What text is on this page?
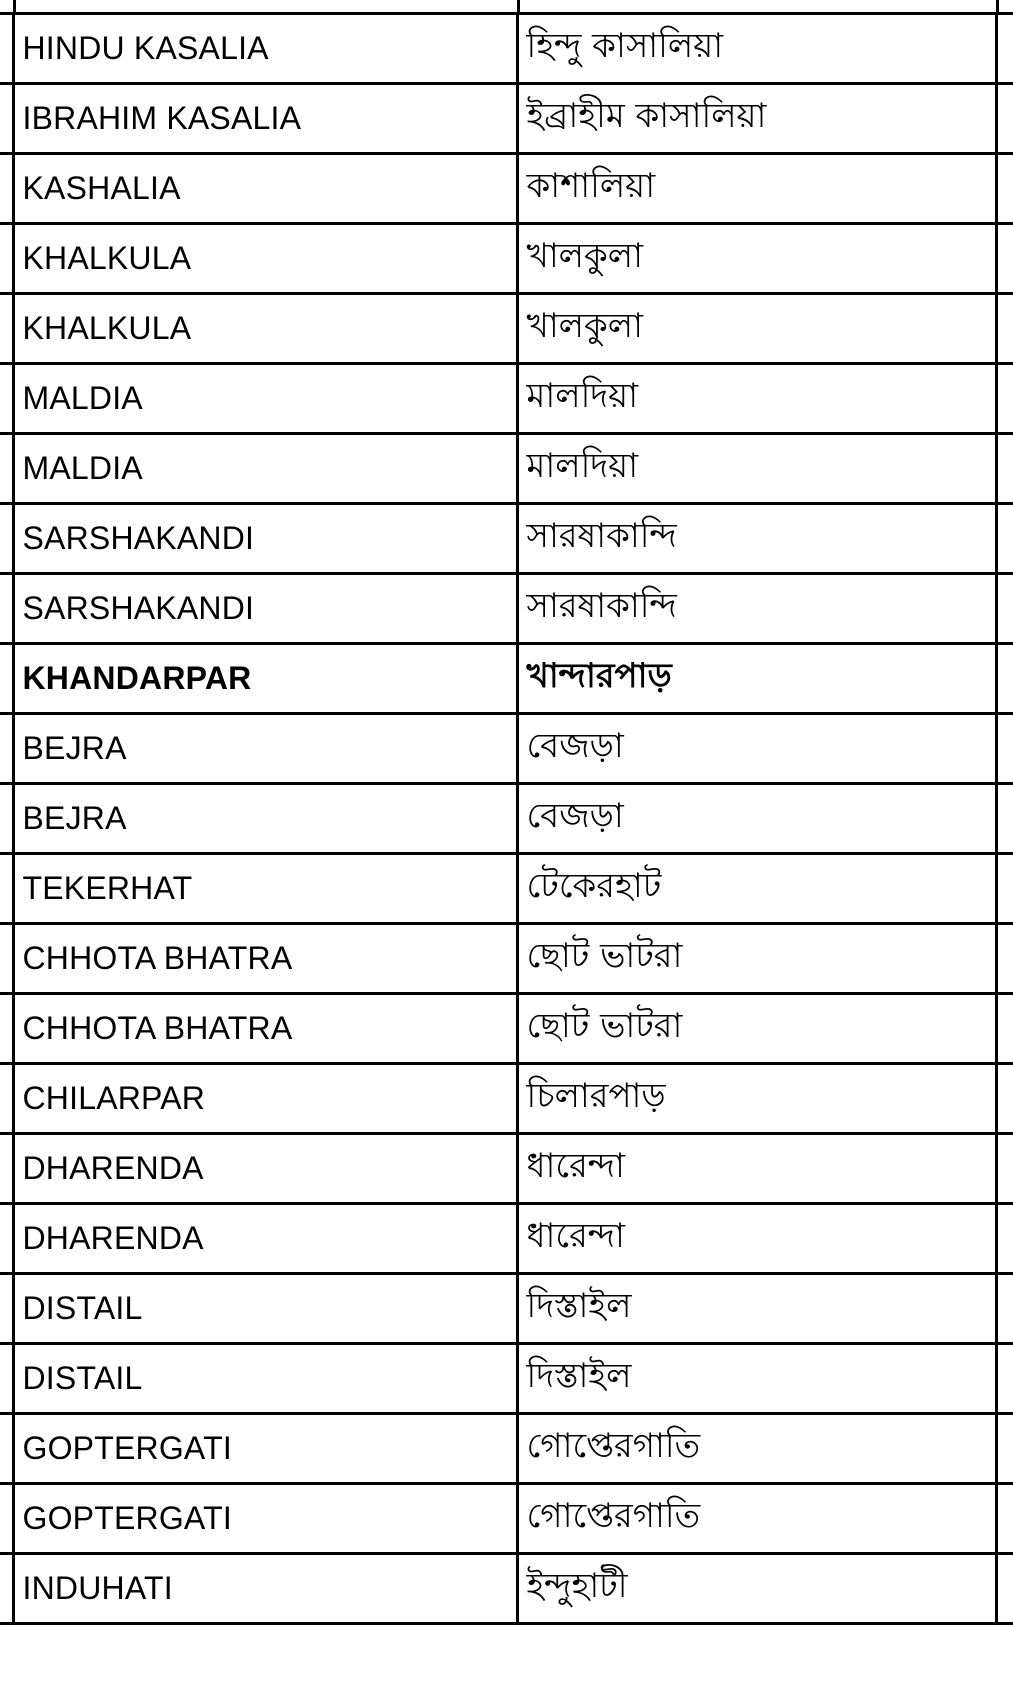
	HINDU KASALIA	হিন্দু কাসালিয়া	
	IBRAHIM KASALIA	ইব্রাহীম কাসালিয়া	
	KASHALIA	কাশালিয়া	
	KHALKULA	খালকুলা	
	KHALKULA	খালকুলা	
	MALDIA	মালদিয়া	
	MALDIA	মালদিয়া	
	SARSHAKANDI	সারষাকান্দি	
	SARSHAKANDI	সারষাকান্দি	
	KHANDARPAR	খান্দারপাড়	
	BEJRA	বেজড়া	
	BEJRA	বেজড়া	
	TEKERHAT	টেকেরহাট	
	CHHOTA BHATRA	ছোট ভাটরা	
	CHHOTA BHATRA	ছোট ভাটরা	
	CHILARPAR	চিলারপাড়	
	DHARENDA	ধারেন্দা	
	DHARENDA	ধারেন্দা	
	DISTAIL	দিস্তাইল	
	DISTAIL	দিস্তাইল	
	GOPTERGATI	গোপ্তেরগাতি	
	GOPTERGATI	গোপ্তেরগাতি	
	INDUHATI	ইন্দুহাটী	
